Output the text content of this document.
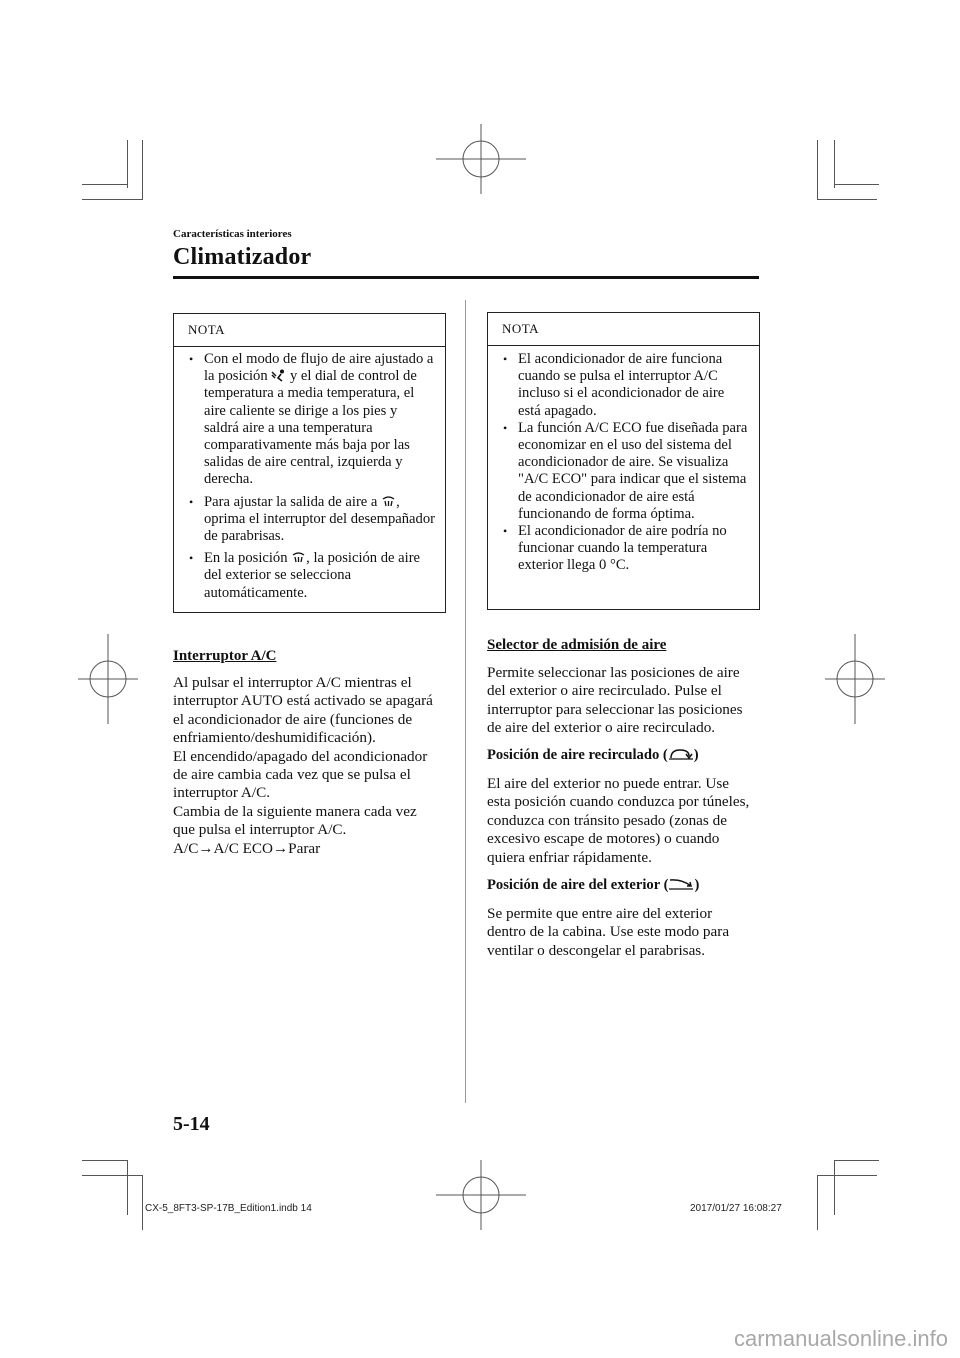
Características interiores
Climatizador
NOTA
• Con el modo de flujo de aire ajustado a la posición y el dial de control de temperatura a media temperatura, el aire caliente se dirige a los pies y saldrá aire a una temperatura comparativamente más baja por las salidas de aire central, izquierda y derecha.
• Para ajustar la salida de aire a , oprima el interruptor del desempañador de parabrisas.
• En la posición , la posición de aire del exterior se selecciona automáticamente.
Interruptor A/C
Al pulsar el interruptor A/C mientras el
interruptor AUTO está activado se apagará
el acondicionador de aire (funciones de
enfriamiento/deshumidificación).
El encendido/apagado del acondicionador
de aire cambia cada vez que se pulsa el
interruptor A/C.
Cambia de la siguiente manera cada vez
que pulsa el interruptor A/C.
A/C→A/C ECO→Parar
NOTA
• El acondicionador de aire funciona cuando se pulsa el interruptor A/C incluso si el acondicionador de aire está apagado.
• La función A/C ECO fue diseñada para economizar en el uso del sistema del acondicionador de aire. Se visualiza "A/C ECO" para indicar que el sistema de acondicionador de aire está funcionando de forma óptima.
• El acondicionador de aire podría no funcionar cuando la temperatura exterior llega 0 °C.
Selector de admisión de aire
Permite seleccionar las posiciones de aire
del exterior o aire recirculado. Pulse el
interruptor para seleccionar las posiciones
de aire del exterior o aire recirculado.
Posición de aire recirculado ( )
El aire del exterior no puede entrar. Use
esta posición cuando conduzca por túneles,
conduzca con tránsito pesado (zonas de
excesivo escape de motores) o cuando
quiera enfriar rápidamente.
Posición de aire del exterior ( )
Se permite que entre aire del exterior
dentro de la cabina. Use este modo para
ventilar o descongelar el parabrisas.
5-14
CX-5_8FT3-SP-17B_Edition1.indb 14	2017/01/27 16:08:27
carmanualsonline.info
